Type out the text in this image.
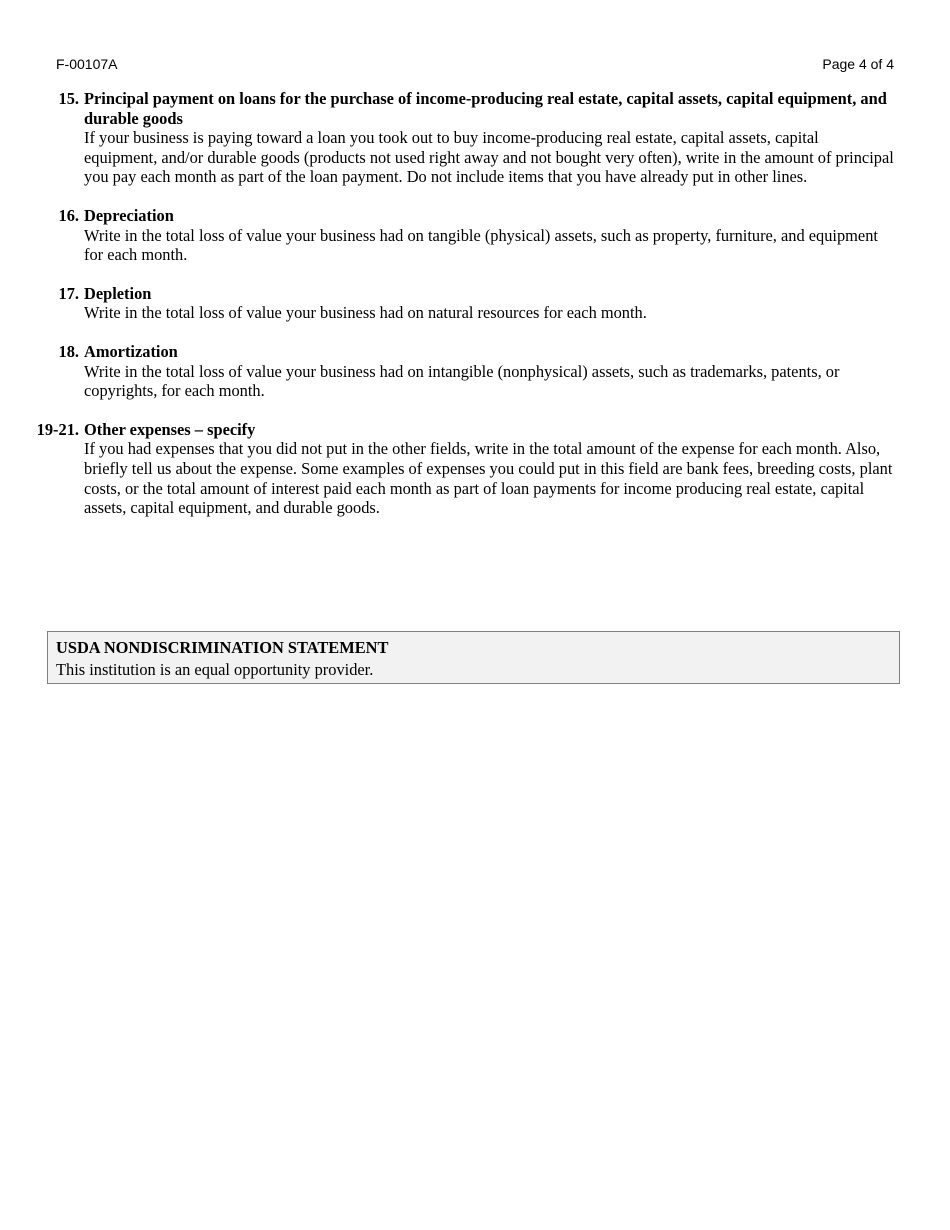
F-00107A	Page 4 of 4
15. Principal payment on loans for the purchase of income-producing real estate, capital assets, capital equipment, and durable goods

If your business is paying toward a loan you took out to buy income-producing real estate, capital assets, capital equipment, and/or durable goods (products not used right away and not bought very often), write in the amount of principal you pay each month as part of the loan payment. Do not include items that you have already put in other lines.

16. Depreciation

Write in the total loss of value your business had on tangible (physical) assets, such as property, furniture, and equipment for each month.

17. Depletion

Write in the total loss of value your business had on natural resources for each month.

18. Amortization

Write in the total loss of value your business had on intangible (nonphysical) assets, such as trademarks, patents, or copyrights, for each month.

19-21. Other expenses – specify

If you had expenses that you did not put in the other fields, write in the total amount of the expense for each month. Also, briefly tell us about the expense. Some examples of expenses you could put in this field are bank fees, breeding costs, plant costs, or the total amount of interest paid each month as part of loan payments for income producing real estate, capital assets, capital equipment, and durable goods.

USDA NONDISCRIMINATION STATEMENT
This institution is an equal opportunity provider.
